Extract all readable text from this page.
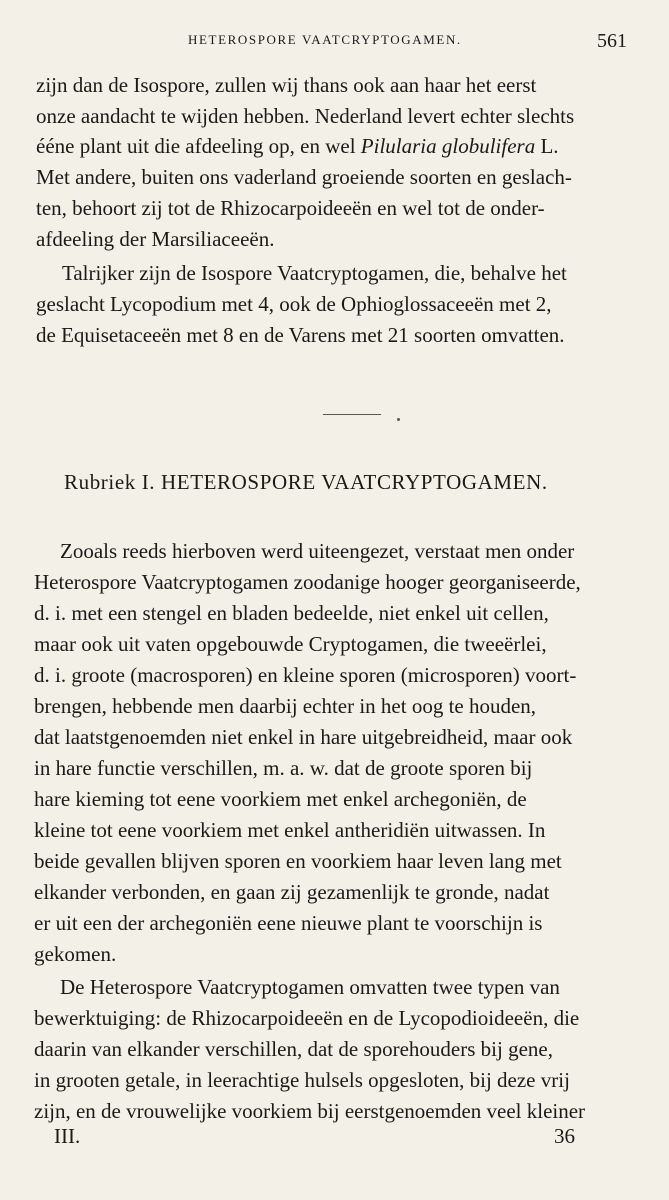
HETEROSPORE VAATCRYPTOGAMEN.	561
zijn dan de Isospore, zullen wij thans ook aan haar het eerst
onze aandacht te wijden hebben. Nederland levert echter slechts
ééne plant uit die afdeeling op, en wel Pilularia globulifera L.
Met andere, buiten ons vaderland groeiende soorten en geslach-
ten, behoort zij tot de Rhizocarpoideeën en wel tot de onder-
afdeeling der Marsiliaceeën.
Talrijker zijn de Isospore Vaatcryptogamen, die, behalve het
geslacht Lycopodium met 4, ook de Ophioglossaceeën met 2,
de Equisetaceeën met 8 en de Varens met 21 soorten omvatten.
Rubriek I. HETEROSPORE VAATCRYPTOGAMEN.
Zooals reeds hierboven werd uiteengezet, verstaat men onder
Heterospore Vaatcryptogamen zoodanige hooger georganiseerde,
d. i. met een stengel en bladen bedeelde, niet enkel uit cellen,
maar ook uit vaten opgebouwde Cryptogamen, die tweeërlei,
d. i. groote (macrosporen) en kleine sporen (microsporen) voort-
brengen, hebbende men daarbij echter in het oog te houden,
dat laatstgenoemden niet enkel in hare uitgebreidheid, maar ook
in hare functie verschillen, m. a. w. dat de groote sporen bij
hare kieming tot eene voorkiem met enkel archegoniën, de
kleine tot eene voorkiem met enkel antheridiën uitwassen. In
beide gevallen blijven sporen en voorkiem haar leven lang met
elkander verbonden, en gaan zij gezamenlijk te gronde, nadat
er uit een der archegoniën eene nieuwe plant te voorschijn is
gekomen.
De Heterospore Vaatcryptogamen omvatten twee typen van
bewerktuiging: de Rhizocarpoideeën en de Lycopodioideeën, die
daarin van elkander verschillen, dat de sporehouders bij gene,
in grooten getale, in leerachtige hulsels opgesloten, bij deze vrij
zijn, en de vrouwelijke voorkiem bij eerstgenoemden veel kleiner
III.	36
